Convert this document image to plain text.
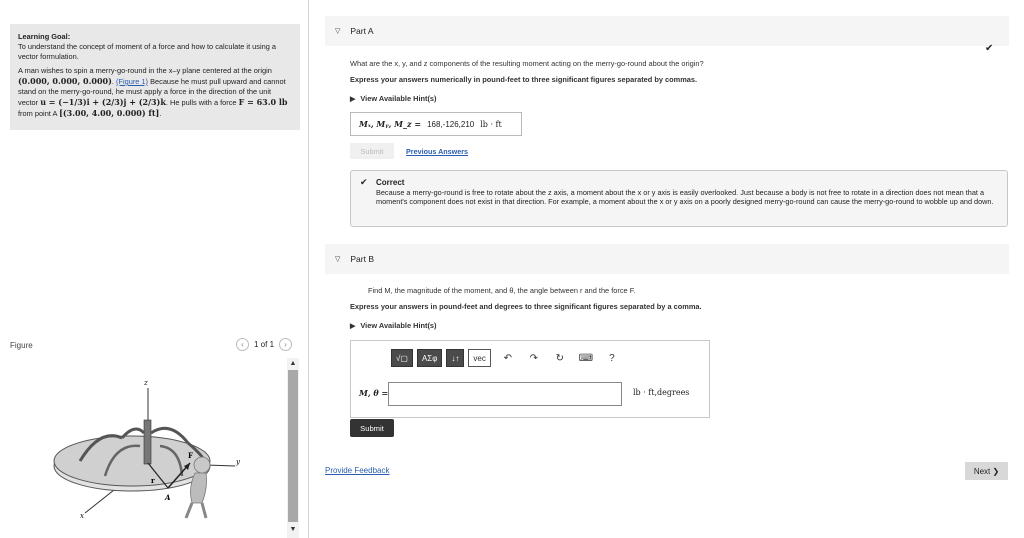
Learning Goal:

To understand the concept of moment of a force and how to calculate it using a vector formulation.

A man wishes to spin a merry-go-round in the x–y plane centered at the origin (0.000, 0.000, 0.000). (Figure 1) Because he must pull upward and cannot stand on the merry-go-round, he must apply a force in the direction of the unit vector u = (−1/3)i + (2/3)j + (2/3)k. He pulls with a force F = 63.0 lb from point A [(3.00, 4.00, 0.000) ft].

Figure	‹	1 of 1	›
z
y
x
F
r
A
▲
▼
▽ Part A
✔
What are the x, y, and z components of the resulting moment acting on the merry-go-round about the origin?
Express your answers numerically in pound-feet to three significant figures separated by commas.
▶ View Available Hint(s)
Mₓ, Mᵧ, M_z = 168,-126,210 lb · ft
Submit	Previous Answers
✔ Correct
Because a merry-go-round is free to rotate about the z axis, a moment about the x or y axis is easily overlooked. Just because a body is not free to rotate in a direction does not mean that a moment's component does not exist in that direction. For example, a moment about the x or y axis on a poorly designed merry-go-round can cause the merry-go-round to wobble up and down.
▽ Part B
Find M, the magnitude of the moment, and θ, the angle between r and the force F.
Express your answers in pound-feet and degrees to three significant figures separated by a comma.
▶ View Available Hint(s)
√▢	AΣφ	↓↑	vec	↶	↷	↻	⌨	?
M, θ =	lb · ft,degrees
Submit
Provide Feedback	Next ❯
